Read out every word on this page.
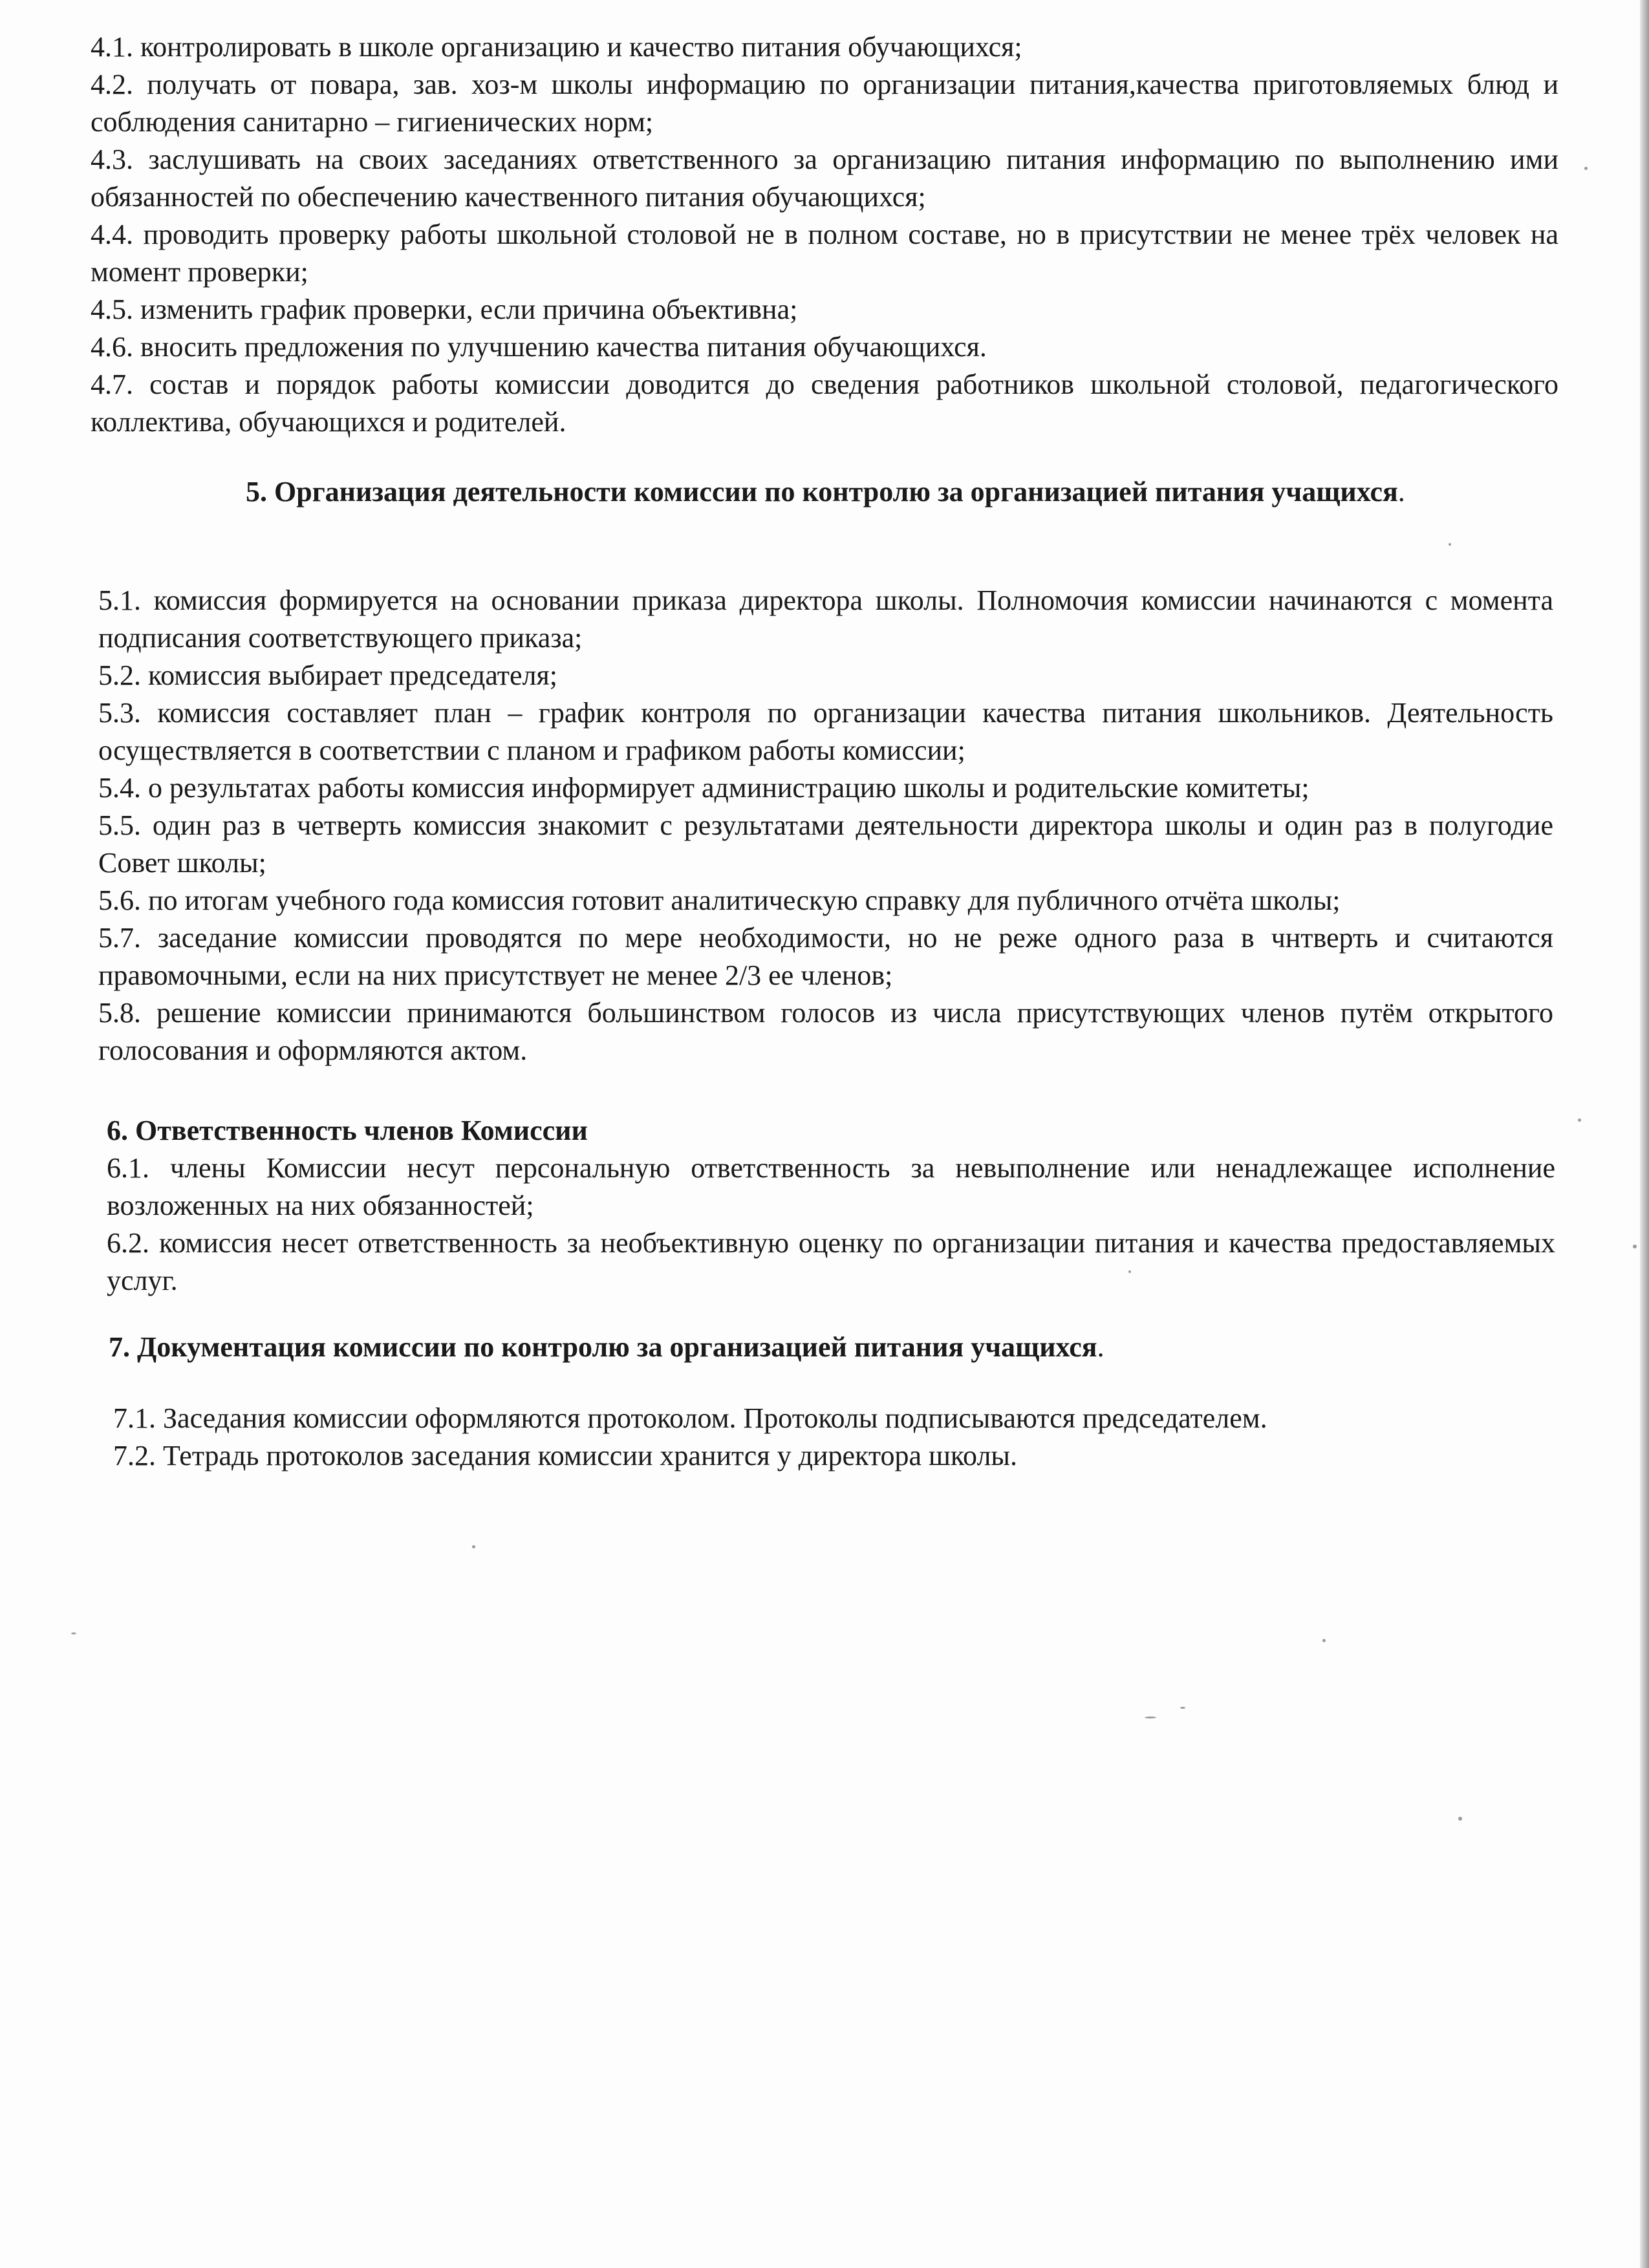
4.1. контролировать в школе организацию и качество питания обучающихся;

4.2. получать от повара, зав. хоз-м школы информацию по организации питания,качества приготовляемых блюд и соблюдения санитарно – гигиенических норм;

4.3. заслушивать на своих заседаниях ответственного за организацию питания информацию по выполнению ими обязанностей по обеспечению качественного питания обучающихся;

4.4. проводить проверку работы школьной столовой не в полном составе, но в присутствии не менее трёх человек на момент проверки;

4.5. изменить график проверки, если причина объективна;

4.6. вносить предложения по улучшению качества питания обучающихся.

4.7. состав и порядок работы комиссии доводится до сведения работников школьной столовой, педагогического коллектива, обучающихся и родителей.

5. Организация деятельности комиссии по контролю за организацией питания учащихся.

5.1. комиссия формируется на основании приказа директора школы. Полномочия комиссии начинаются с момента подписания соответствующего приказа;

5.2. комиссия выбирает председателя;

5.3. комиссия составляет план – график контроля по организации качества питания школьников. Деятельность осуществляется в соответствии с планом и графиком работы комиссии;

5.4. о результатах работы комиссия информирует администрацию школы и родительские комитеты;

5.5. один раз в четверть комиссия знакомит с результатами деятельности директора школы и один раз в полугодие Совет школы;

5.6. по итогам учебного года комиссия готовит аналитическую справку для публичного отчёта школы;

5.7. заседание комиссии проводятся по мере необходимости, но не реже одного раза в чнтверть и считаются правомочными, если на них присутствует не менее 2/3 ее членов;

5.8. решение комиссии принимаются большинством голосов из числа присутствующих членов путём открытого голосования и оформляются актом.

6. Ответственность членов Комиссии

6.1. члены Комиссии несут персональную ответственность за невыполнение или ненадлежащее исполнение возложенных на них обязанностей;

6.2. комиссия несет ответственность за необъективную оценку по организации питания и качества предоставляемых услуг.

7. Документация комиссии по контролю за организацией питания учащихся.

7.1. Заседания комиссии оформляются протоколом. Протоколы подписываются председателем.

7.2. Тетрадь протоколов заседания комиссии хранится у директора школы.
